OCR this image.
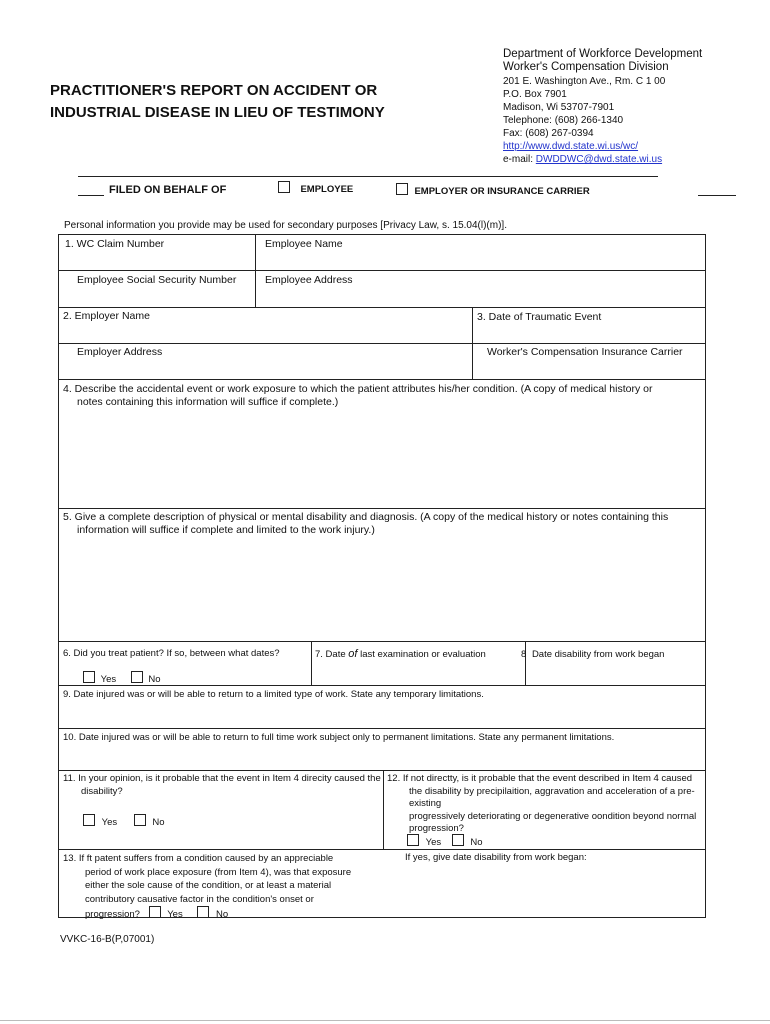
PRACTITIONER'S REPORT ON ACCIDENT OR
INDUSTRIAL DISEASE IN LIEU OF TESTIMONY
Department of Workforce Development
Worker's Compensation Division
201 E. Washington Ave., Rm. C 1 00
P.O. Box 7901
Madison, Wi 53707-7901
Telephone: (608) 266-1340
Fax: (608) 267-0394
http://www.dwd.state.wi.us/wc/
e-mail: DWDDWC@dwd.state.wi.us
FILED ON BEHALF OF	EMPLOYEE	EMPLOYER OR INSURANCE CARRIER
Personal information you provide may be used for secondary purposes [Privacy Law, s. 15.04(l)(m)].
1. WC Claim Number	Employee Name
Employee Social Security Number	Employee Address
2. Employer Name	3. Date of Traumatic Event
Employer Address	Worker's Compensation Insurance Carrier
4. Describe the accidental event or work exposure to which the patient attributes his/her condition. (A copy of medical history or
notes containing this information will suffice if complete.)
5. Give a complete description of physical or mental disability and diagnosis. (A copy of the medical history or notes containing this
information will suffice if complete and limited to the work injury.)
6. Did you treat patient? If so, between what dates?	7. Date of last examination or evaluation	8 Date disability from work began
Yes	No
9. Date injured was or will be able to return to a limited type of work. State any temporary limitations.
10. Date injured was or will be able to return to full time work subject only to permanent limitations. State any permanent limitations.
11. In your opinion, is it probable that the event in Item 4 direcity caused the
disability?
Yes	No
12. If not directty, is it probable that the event described in Item 4 caused
the disability by precipilaition, aggravation and acceleration of a pre-existing
progressively deteriorating or degenerative oondition beyond norrnal
progression?
Yes	No
13. If ft patent suffers from a condition caused by an appreciable
period of work place exposure (from Item 4), was that exposure
either the sole cause of the condition, or at least a material
contributory causative factor in the condition's onset or
progression?	Yes	No
If yes, give date disability from work began:
VVKC-16-B(P,07001)
